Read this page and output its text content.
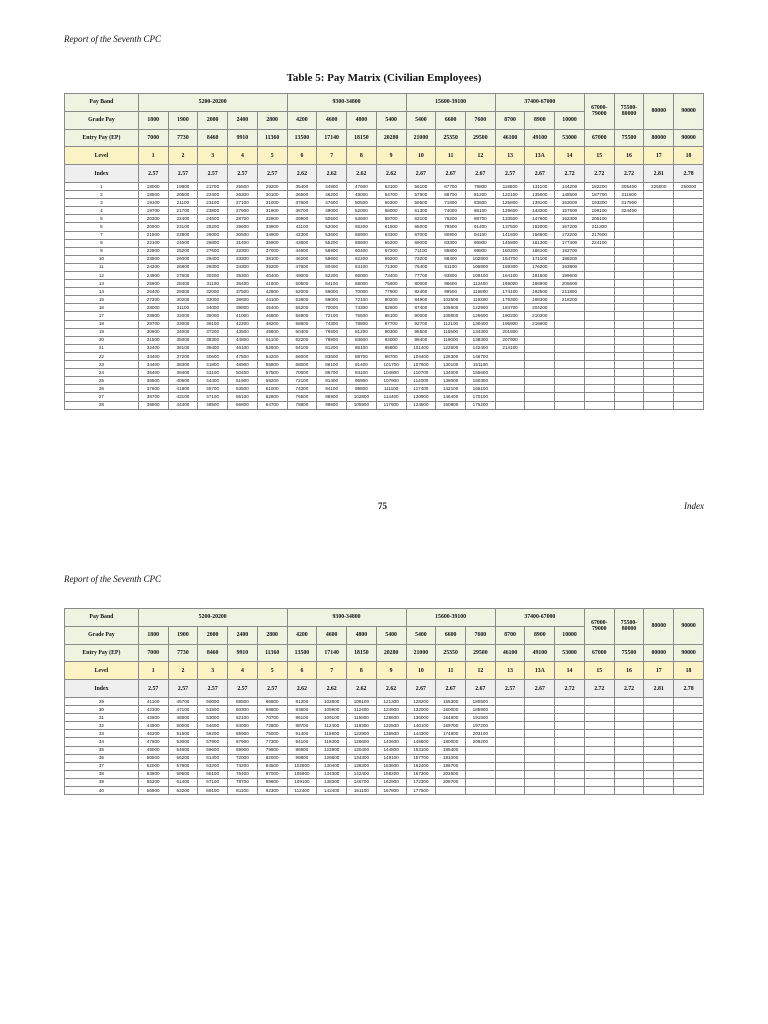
Report of the Seventh CPC
Table 5: Pay Matrix (Civilian Employees)
Pay Band	5200-20200					9300-34800				15600-39100			37400-67000			67000-79000	75500-80000	80000	90000
Grade Pay	1800	1900	2000	2400	2800	4200	4600	4800	5400	5400	6600	7600	8700	8900	10000				
Entry Pay (EP)	7000	7730	8460	9910	11360	13500	17140	18150	20280	21000	25350	29500	46100	49100	53000	67000	75500	80000	90000
Level	1	2	3	4	5	6	7	8	9	10	11	12	13	13A	14	15	16	17	18
Index	2.57	2.57	2.57	2.57	2.57	2.62	2.62	2.62	2.62	2.67	2.67	2.67	2.57	2.67	2.72	2.72	2.72	2.81	2.78
1	18000	19900	21700	25500	29200	35400	44900	47600	53100	56100	67700	78800	118500	131100	144200	182200	205400	225000	250000
2	18500	20500	22400	26300	30100	36500	46200	49000	54700	57800	69700	81200	122100	135000	148500	187700	211600		
3	19100	21100	23100	27100	31000	37600	47600	50500	56300	59500	71800	83600	125800	139100	153000	193300	217900		
4	19700	21700	23800	27900	31900	38700	49000	52000	58000	61300	74000	86100	129600	143300	157600	199100	224400		
5	20300	22400	24500	28700	32900	39900	50500	53600	59700	63100	76200	88700	133500	147600	162300	205100			
6	20900	23100	25200	29600	33900	41100	52000	55200	61500	65000	78500	91400	137500	152000	167200	211300			
7	21500	23800	26000	30500	34900	42300	53600	56900	63300	67000	80900	94100	141600	156600	172200	217600			
8	22100	24500	26800	31400	35900	43600	55200	58600	65200	69000	83300	96900	145800	161300	177400	224100			
9	22800	25200	27600	32300	37000	44900	56900	60400	67200	71100	85800	99800	150200	166100	182700				
10	23500	26000	28400	33300	38100	46200	58600	62200	69200	73200	88400	102800	154700	171100	188200				
11	24200	26800	29300	34300	39200	47600	60400	64100	71300	75400	91100	105900	159300	176200	193800				
12	24900	27600	30200	35300	40400	49000	62200	66000	73400	77700	93800	109100	164100	181500	199600				
13	25600	28400	31100	36400	41600	50500	64100	68000	75600	80000	96600	112400	169000	186900	205600				
14	26400	29300	32000	37500	42800	52000	66000	70000	77900	82400	99500	115800	174100	192500	211800				
15	27200	30200	33000	38600	44100	53600	68000	72100	80200	84900	102500	119300	179300	198300	218200				
16	28000	31100	34000	39800	45400	55200	70000	74300	82600	87400	105600	122900	184700	204200					
17	28800	32000	35000	41000	46800	56900	72100	76500	85100	90000	108800	126600	190200	210300					
18	29700	33000	36100	42200	48200	58600	74300	78800	87700	92700	112100	130400	195900	216600					
19	30600	34000	37200	43500	49600	60400	76500	81200	90300	95500	115500	134300	201800						
20	31500	35000	38300	44800	51100	62200	78800	83600	93000	98400	119000	138300	207900						
21	32400	36100	39400	46100	52600	64100	81200	86100	95800	101400	122600	142400	214100						
22	33400	37200	40600	47500	54200	66000	83600	88700	98700	104400	126300	146700							
23	34400	38300	41800	48900	55800	68000	86100	91400	101700	107500	130100	151100							
24	35400	39400	43100	50400	57500	70000	88700	94100	104800	110700	134000	155600							
25	36500	40600	44400	51900	59200	72100	91400	96900	107900	114000	138000	160300							
26	37600	41800	45700	53500	61000	74300	94100	99800	111100	117400	142100	165100							
27	38700	43100	47100	55100	62800	76500	96900	102800	114400	120900	146400	170100							
28	39900	44400	48500	56800	64700	78800	99800	105900	117800	124500	150800	175200							
75	Index
Report of the Seventh CPC
Pay Band	5200-20200					9300-34800				15600-39100			37400-67000			67000-79000	75500-80000	80000	90000
Grade Pay	1800	1900	2000	2400	2800	4200	4600	4800	5400	5400	6600	7600	8700	8900	10000				
Entry Pay (EP)	7000	7730	8460	9910	11360	13500	17140	18150	20280	21000	25350	29500	46100	49100	53000	67000	75500	80000	90000
Level	1	2	3	4	5	6	7	8	9	10	11	12	13	13A	14	15	16	17	18
Index	2.57	2.57	2.57	2.57	2.57	2.62	2.62	2.62	2.62	2.67	2.67	2.67	2.57	2.67	2.72	2.72	2.72	2.81	2.78
29	41100	45700	50000	58500	66600	81200	102800	109100	121300	128200	155300	180500							
30	42300	47100	51500	60300	68600	83600	105900	112400	124900	132000	160000	185900							
31	43600	48500	53000	62100	70700	86100	109100	115800	128600	136000	164800	191500							
32	44900	50000	54600	64000	72800	88700	112400	119300	132500	140100	169700	197200							
33	46200	51500	56200	65900	75000	91400	115800	122900	136500	144300	174800	203100							
34	47600	53000	57900	67900	77300	94100	119300	126600	140600	148600	180000	209200							
35	49000	54600	59600	69900	79600	96900	122900	130400	144800	153100	185400								
36	50500	56200	61400	72000	82000	99800	126600	134300	149100	157700	191000								
37	52000	57900	63200	74200	84500	102800	130400	138300	153600	162400	196700								
38	53600	59600	65100	76400	87000	105900	134300	142400	158200	167300	202600								
39	55200	61400	67100	78700	89600	109100	138300	146700	162900	172300	208700								
40	56900	63200	69100	81100	92300	112400	142400	151100	167800	177500									
